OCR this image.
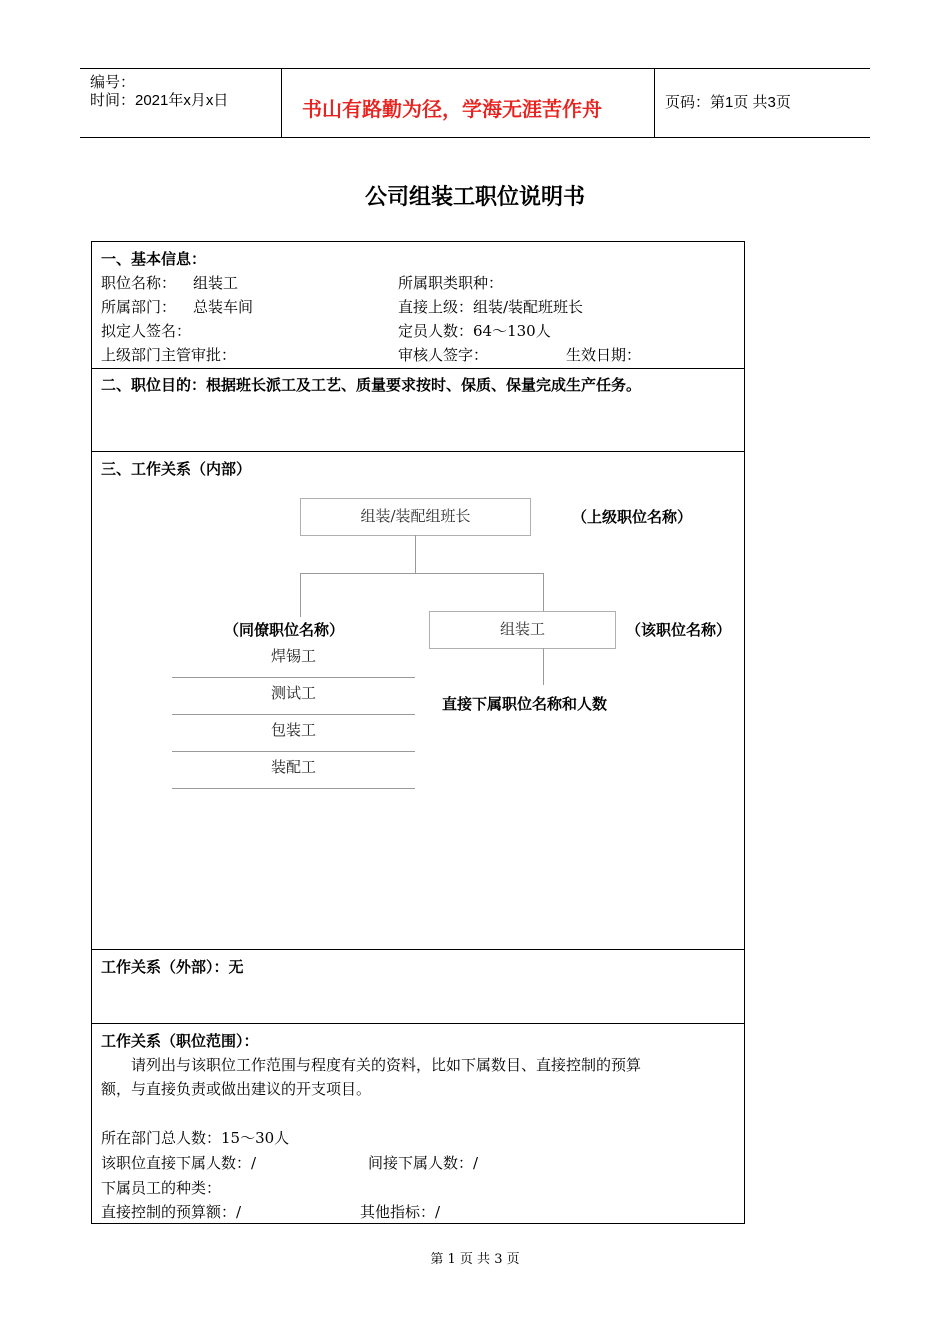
编号：
时间：2021年x月x日	书山有路勤为径，学海无涯苦作舟	页码：第1页 共3页
公司组装工职位说明书
一、基本信息：
职位名称： 组装工	所属职类职种：
所属部门： 总装车间	直接上级：组装/装配班班长
拟定人签名：	定员人数：64～130人
上级部门主管审批：	审核人签字：	生效日期：
二、职位目的：根据班长派工及工艺、质量要求按时、保质、保量完成生产任务。
三、工作关系（内部）
组装/装配组班长	（上级职位名称）
组装工	（该职位名称）
直接下属职位名称和人数
（同僚职位名称）
焊锡工
测试工
包装工
装配工
工作关系（外部）：无
工作关系（职位范围）：
请列出与该职位工作范围与程度有关的资料，比如下属数目、直接控制的预算
额，与直接负责或做出建议的开支项目。
所在部门总人数：15～30人
该职位直接下属人数：/	间接下属人数：/
下属员工的种类：
直接控制的预算额：/	其他指标：/
第 1 页 共 3 页
